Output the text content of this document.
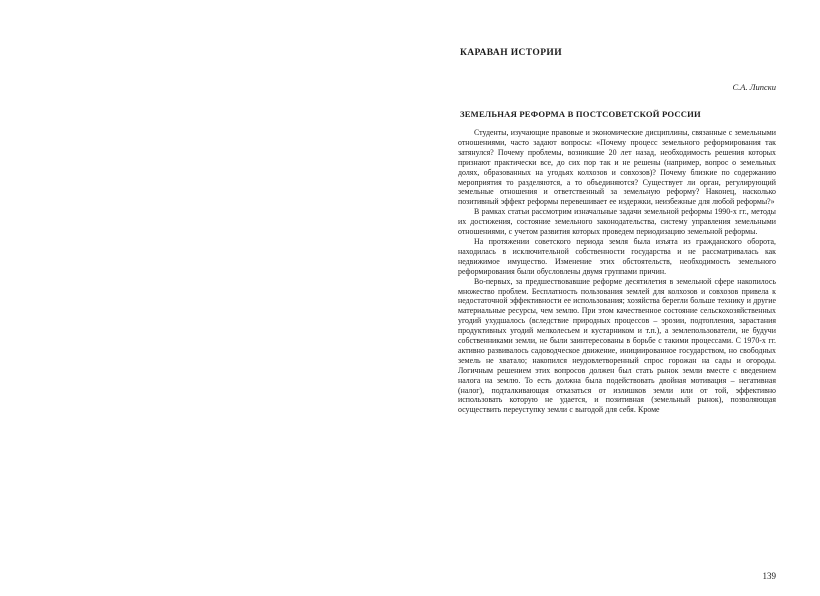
КАРАВАН ИСТОРИИ
С.А. Липски
ЗЕМЕЛЬНАЯ РЕФОРМА В ПОСТСОВЕТСКОЙ РОССИИ

Студенты, изучающие правовые и экономические дисциплины, связанные с земельными отношениями, часто задают вопросы: «Почему процесс земельного реформирования так затянулся? Почему проблемы, возникшие 20 лет назад, необходимость решения которых признают практически все, до сих пор так и не решены (например, вопрос о земельных долях, образованных на угодьях колхозов и совхозов)? Почему близкие по содержанию мероприятия то разделяются, а то объединяются? Существует ли орган, регулирующий земельные отношения и ответственный за земельную реформу? Наконец, насколько позитивный эффект реформы перевешивает ее издержки, неизбежные для любой реформы?»

В рамках статьи рассмотрим изначальные задачи земельной реформы 1990-х гг., методы их достижения, состояние земельного законодательства, систему управления земельными отношениями, с учетом развития которых проведем периодизацию земельной реформы.

На протяжении советского периода земля была изъята из гражданского оборота, находилась в исключительной собственности государства и не рассматривалась как недвижимое имущество. Изменение этих обстоятельств, необходимость земельного реформирования были обусловлены двумя группами причин.

Во-первых, за предшествовавшие реформе десятилетия в земельной сфере накопилось множество проблем. Бесплатность пользования землей для колхозов и совхозов привела к недостаточной эффективности ее использования; хозяйства берегли больше технику и другие материальные ресурсы, чем землю. При этом качественное состояние сельскохозяйственных угодий ухудшалось (вследствие природных процессов – эрозии, подтопления, зарастания продуктивных угодий мелколесьем и кустарником и т.п.), а землепользователи, не будучи собственниками земли, не были заинтересованы в борьбе с такими процессами. С 1970-х гг. активно развивалось садоводческое движение, инициированное государством, но свободных земель не хватало; накопился неудовлетворенный спрос горожан на сады и огороды. Логичным решением этих вопросов должен был стать рынок земли вместе с введением налога на землю. То есть должна была подействовать двойная мотивация – негативная (налог), подталкивающая отказаться от излишков земли или от той, эффективно использовать которую не удается, и позитивная (земельный рынок), позволяющая осуществить переуступку земли с выгодой для себя. Кроме

139
